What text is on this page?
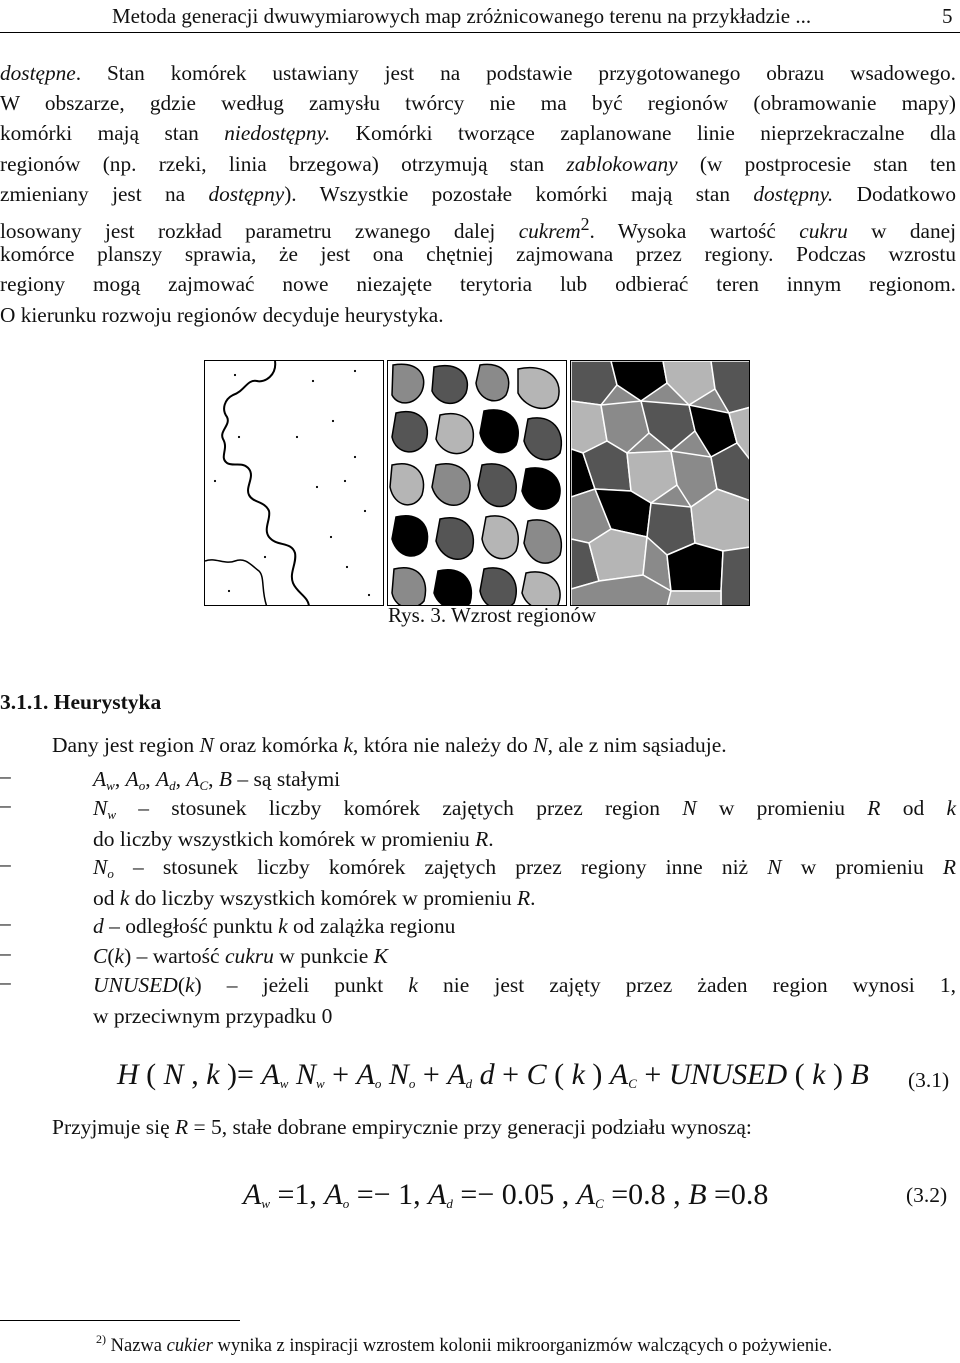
Metoda generacji dwuwymiarowych map zróżnicowanego terenu na przykładzie ...	5
dostępne. Stan komórek ustawiany jest na podstawie przygotowanego obrazu wsadowego.
W obszarze, gdzie według zamysłu twórcy nie ma być regionów (obramowanie mapy)
komórki mają stan niedostępny. Komórki tworzące zaplanowane linie nieprzekraczalne dla
regionów (np. rzeki, linia brzegowa) otrzymują stan zablokowany (w postprocesie stan ten
zmieniany jest na dostępny). Wszystkie pozostałe komórki mają stan dostępny. Dodatkowo
losowany jest rozkład parametru zwanego dalej cukrem$^2$. Wysoka wartość cukru w danej
komórce planszy sprawia, że jest ona chętniej zajmowana przez regiony. Podczas wzrostu
regiony mogą zajmować nowe niezajęte terytoria lub odbierać teren innym regionom.
O kierunku rozwoju regionów decyduje heurystyka.
Rys. 3. Wzrost regionów
3.1.1. Heurystyka
Dany jest region N oraz komórka k, która nie należy do N, ale z nim sąsiaduje.
–	$A_w$, $A_o$, $A_d$, $A_C$, B – są stałymi
–	$N_w$ – stosunek liczby komórek zajętych przez region N w promieniu R od k
do liczby wszystkich komórek w promieniu R.
–	$N_o$ – stosunek liczby komórek zajętych przez regiony inne niż N w promieniu R
od k do liczby wszystkich komórek w promieniu R.
–	d – odległość punktu k od zalążka regionu
–	C(k) – wartość cukru w punkcie K
–	UNUSED(k) – jeżeli punkt k nie jest zajęty przez żaden region wynosi 1,
w przeciwnym przypadku 0
H ( N , k )= $A_w$ $N_w + A_o$ $N_o + A_d$ d + C ( k ) $A_C$ + UNUSED ( k ) B (3.1)
Przyjmuje się R = 5, stałe dobrane empirycznie przy generacji podziału wynoszą:
$A_w =1$, $A_o =- 1$, $A_d =- 0.05$ , $A_C =0.8$ , B =0.8	(3.2)
$^{2)}$ Nazwa cukier wynika z inspiracji wzrostem kolonii mikroorganizmów walczących o pożywienie.
